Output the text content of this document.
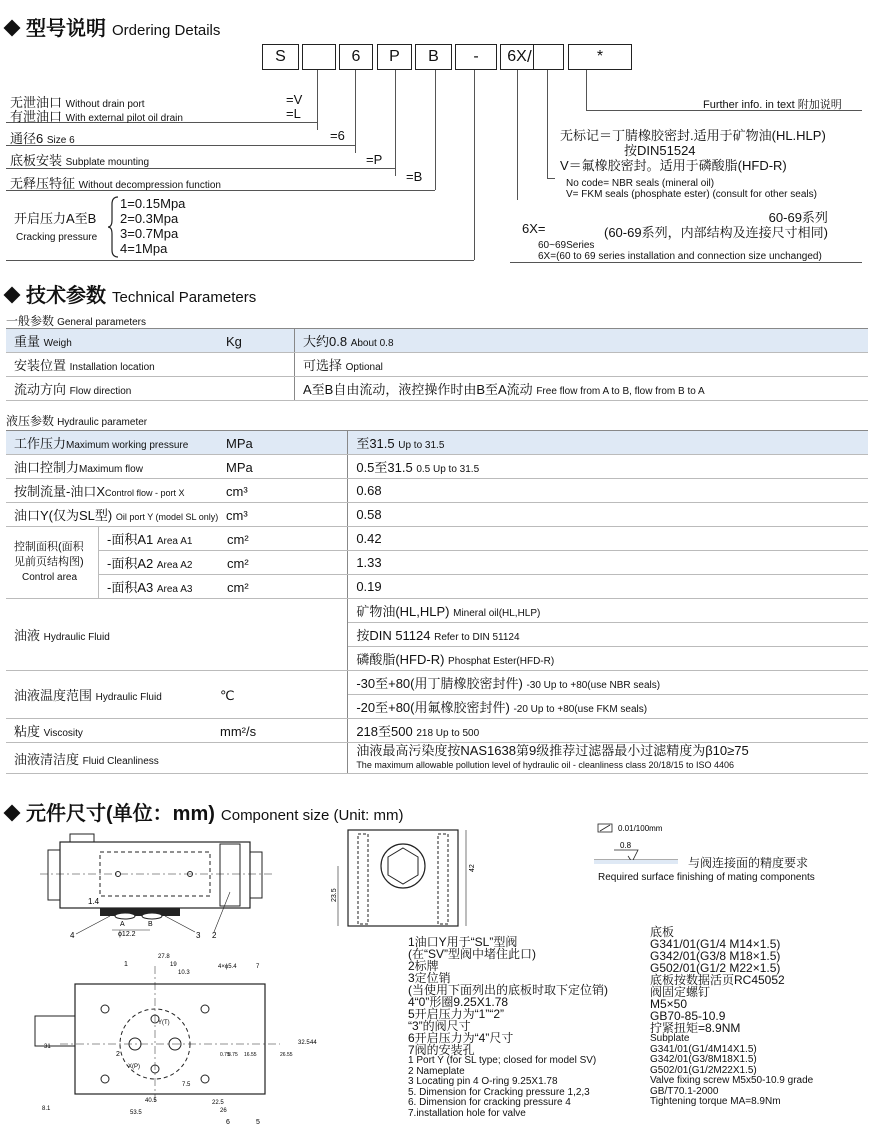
型号说明 Ordering Details
S	6	P	B	-	6X /	*
无泄油口 Without drain port
有泄油口 With external pilot oil drain
=V
=L
通径6 Size 6	=6
底板安装 Subplate mounting	=P
无释压特征 Without decompression function
=B
开启压力A至B
Cracking pressure
1=0.15Mpa
2=0.3Mpa
3=0.7Mpa
4=1Mpa
Further info. in text 附加说明
无标记＝丁腈橡胶密封.适用于矿物油(HL.HLP)
按DIN51524
V＝氟橡胶密封。适用于磷酸脂(HFD-R)
No code= NBR seals (mineral oil)
V= FKM seals (phosphate ester) (consult for other seals)
6X=
60-69系列
(60-69系列，内部结构及连接尺寸相同)
60~69Series
6X=(60 to 69 series installation and connection size unchanged)
技术参数 Technical Parameters
一般参数 General parameters
重量 Weigh Kg	大约0.8 About 0.8
安装位置 Installation location	可选择 Optional
流动方向 Flow direction	A至B自由流动，液控操作时由B至A流动 Free flow from A to B, flow from B to A
液压参数 Hydraulic parameter
工作压力Maximum working pressure MPa		至31.5 Up to 31.5
油口控制力Maximum flow MPa		0.5至31.5 0.5 Up to 31.5
按制流量-油口XControl flow - port X cm³		0.68
油口Y(仅为SL型) Oil port Y (model SL only) cm³		0.58
控制面积(面积见前页结构图)
Control area	-面积A1 Area A1 cm²	0.42
	-面积A2 Area A2 cm²	1.33
	-面积A3 Area A3 cm²	0.19
油液 Hydraulic Fluid		矿物油(HL,HLP) Mineral oil(HL,HLP)
		按DIN 51124 Refer to DIN 51124
		磷酸脂(HFD-R) Phosphat Ester(HFD-R)
油液温度范围 Hydraulic Fluid ℃		-30至+80(用丁腈橡胶密封件) -30 Up to +80(use NBR seals)
		-20至+80(用氟橡胶密封件) -20 Up to +80(use FKM seals)
粘度 Viscosity mm²/s		218至500 218 Up to 500
油液清洁度 Fluid Cleanliness		油液最高污染度按NAS1638第9级推荐过滤器最小过滤精度为β10≥75
The maximum allowable pollution level of hydraulic oil - cleanliness class 20/18/15 to ISO 4406
元件尺寸(单位：mm) Component size (Unit: mm)
1.4
A	B
ϕ12.2
4	3 2
23.5
42
0.01/100mm
0.8
与阀连接面的精度要求
Required surface finishing of mating components
27.8
19
10.3
4×ϕ5.4	7
31
X(P)
Y(T)
40.5
53.5
22.5
26
8.1
32.5 44
0.75
8.75 16.55	26.55
7.5
1
2
6	5
1油口Y用于“SL”型阀
(在“SV”型阀中堵住此口)
2标牌
3定位销
(当使用下面列出的底板时取下定位销)
4“0”形圈9.25X1.78
5开启压力为“1”“2”
“3”的阀尺寸
6开启压力为“4”尺寸
7阀的安装孔
1 Port Y (for SL type; closed for model SV)
2 Nameplate
3 Locating pin 4 O-ring 9.25X1.78
5. Dimension for Cracking pressure 1,2,3
6. Dimension for cracking pressure 4
7.installation hole for valve
底板
G341/01(G1/4 M14×1.5)
G342/01(G3/8 M18×1.5)
G502/01(G1/2 M22×1.5)
底板按数据活页RC45052
阀固定螺钉
M5×50
GB70-85-10.9
拧紧扭矩=8.9NM
Subplate
G341/01(G1/4M14X1.5)
G342/01(G3/8M18X1.5)
G502/01(G1/2M22X1.5)
Valve fixing screw M5x50-10.9 grade
GB/T70.1-2000
Tightening torque MA=8.9Nm
